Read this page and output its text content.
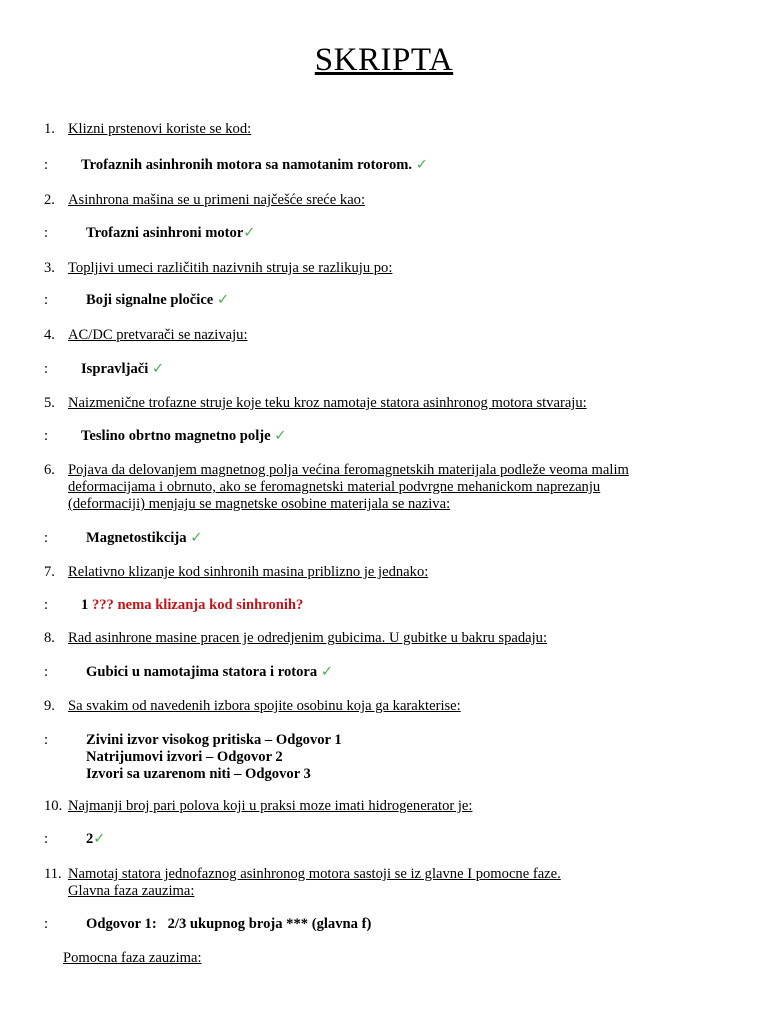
SKRIPTA
1. Klizni prstenovi koriste se kod:
: Trofaznih asinhronih motora sa namotanim rotorom. ✓
2. Asinhrona mašina se u primeni najčešće sreće kao:
:	Trofazni asinhroni motor✓
3. Topljivi umeci različitih nazivnih struja se razlikuju po:
:	Boji signalne pločice ✓
4. AC/DC pretvarači se nazivaju:
: Ispravljači ✓
5. Naizmenične trofazne struje koje teku kroz namotaje statora asinhronog motora stvaraju:
: Teslino obrtno magnetno polje ✓
6. Pojava da delovanjem magnetnog polja većina feromagnetskih materijala podleže veoma malim
deformacijama i obrnuto, ako se feromagnetski material podvrgne mehanickom naprezanju
(deformaciji) menjaju se magnetske osobine materijala se naziva:
:	Magnetostikcija ✓
7. Relativno klizanje kod sinhronih masina priblizno je jednako:
: 1 ??? nema klizanja kod sinhronih?
8. Rad asinhrone masine pracen je odredjenim gubicima. U gubitke u bakru spadaju:
:	Gubici u namotajima statora i rotora ✓
9. Sa svakim od navedenih izbora spojite osobinu koja ga karakterise:
:	Zivini izvor visokog pritiska – Odgovor 1
Natrijumovi izvori – Odgovor 2
Izvori sa uzarenom niti – Odgovor 3
10. Najmanji broj pari polova koji u praksi moze imati hidrogenerator je:
:	2✓
11. Namotaj statora jednofaznog asinhronog motora sastoji se iz glavne I pomocne faze.
Glavna faza zauzima:
:	Odgovor 1:   2/3 ukupnog broja *** (glavna f)
Pomocna faza zauzima:
